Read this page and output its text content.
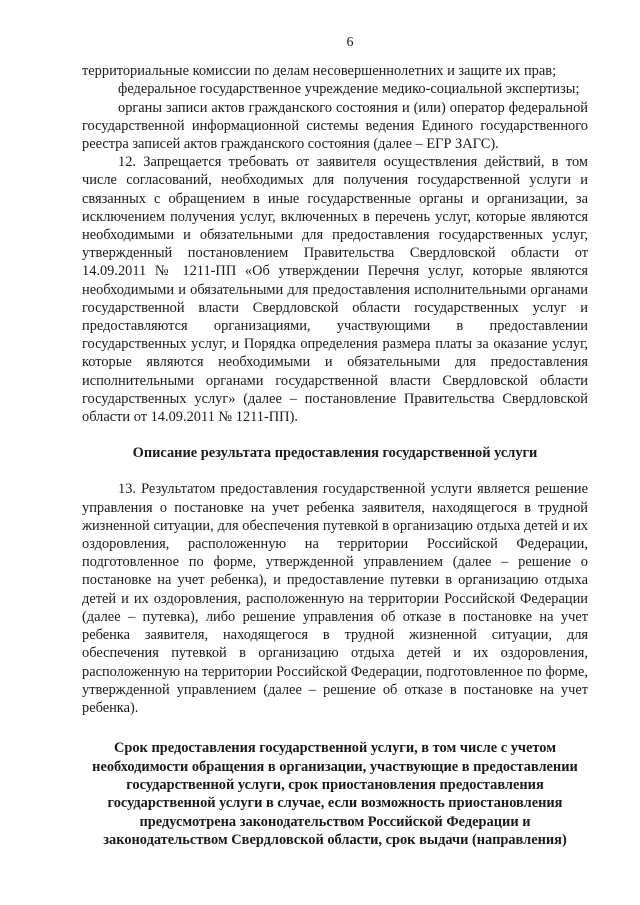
6

территориальные комиссии по делам несовершеннолетних и защите их прав;

федеральное государственное учреждение медико-социальной экспертизы;

органы записи актов гражданского состояния и (или) оператор федеральной государственной информационной системы ведения Единого государственного реестра записей актов гражданского состояния (далее – ЕГР ЗАГС).

12. Запрещается требовать от заявителя осуществления действий, в том числе согласований, необходимых для получения государственной услуги и связанных с обращением в иные государственные органы и организации, за исключением получения услуг, включенных в перечень услуг, которые являются необходимыми и обязательными для предоставления государственных услуг, утвержденный постановлением Правительства Свердловской области от 14.09.2011 № 1211-ПП «Об утверждении Перечня услуг, которые являются необходимыми и обязательными для предоставления исполнительными органами государственной власти Свердловской области государственных услуг и предоставляются организациями, участвующими в предоставлении государственных услуг, и Порядка определения размера платы за оказание услуг, которые являются необходимыми и обязательными для предоставления исполнительными органами государственной власти Свердловской области государственных услуг» (далее – постановление Правительства Свердловской области от 14.09.2011 № 1211-ПП).

Описание результата предоставления государственной услуги

13. Результатом предоставления государственной услуги является решение управления о постановке на учет ребенка заявителя, находящегося в трудной жизненной ситуации, для обеспечения путевкой в организацию отдыха детей и их оздоровления, расположенную на территории Российской Федерации, подготовленное по форме, утвержденной управлением (далее – решение о постановке на учет ребенка), и предоставление путевки в организацию отдыха детей и их оздоровления, расположенную на территории Российской Федерации (далее – путевка), либо решение управления об отказе в постановке на учет ребенка заявителя, находящегося в трудной жизненной ситуации, для обеспечения путевкой в организацию отдыха детей и их оздоровления, расположенную на территории Российской Федерации, подготовленное по форме, утвержденной управлением (далее – решение об отказе в постановке на учет ребенка).

Срок предоставления государственной услуги, в том числе с учетом
необходимости обращения в организации, участвующие в предоставлении
государственной услуги, срок приостановления предоставления
государственной услуги в случае, если возможность приостановления
предусмотрена законодательством Российской Федерации и
законодательством Свердловской области, срок выдачи (направления)
